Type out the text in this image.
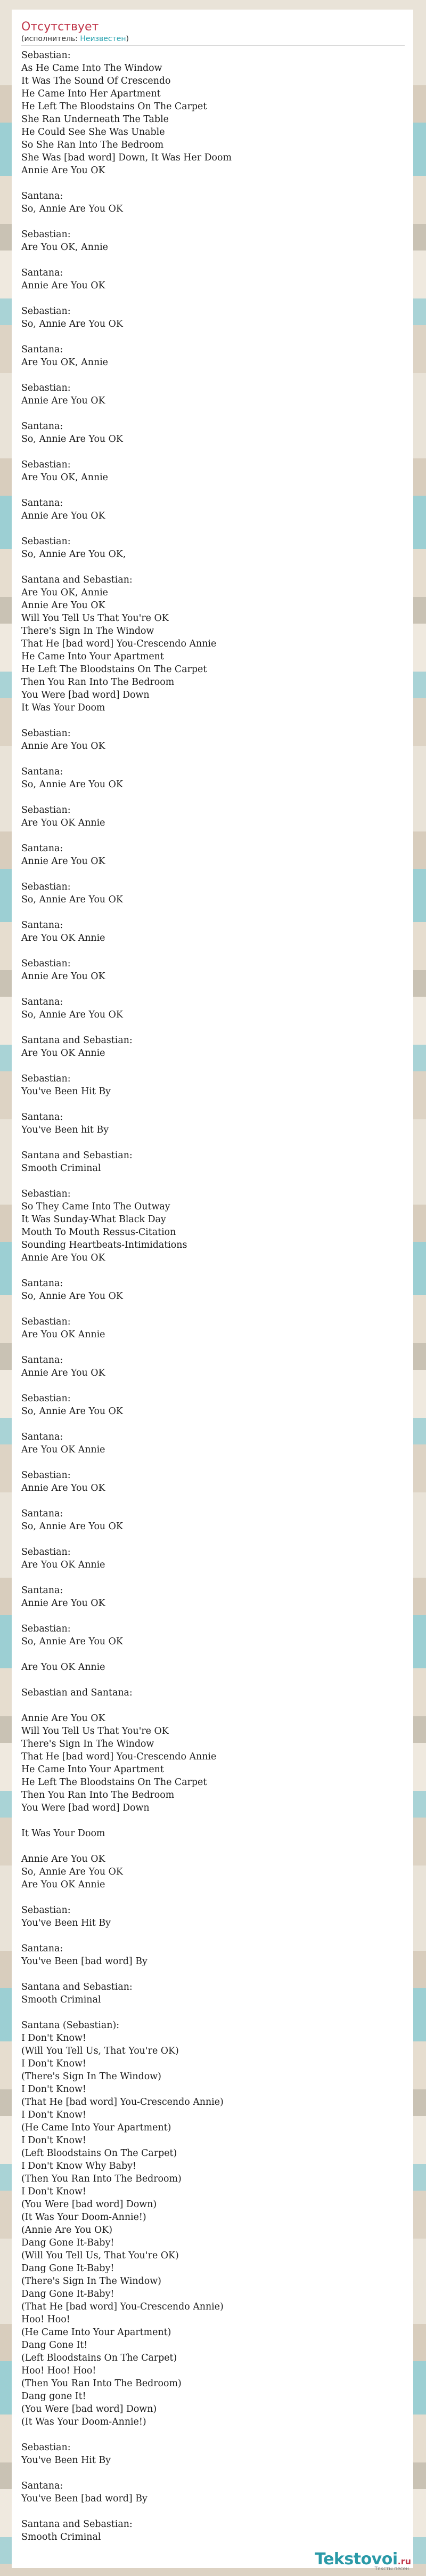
Отсутствует
(исполнитель: Неизвестен)
Sebastian:
As He Came Into The Window
It Was The Sound Of Crescendo
He Came Into Her Apartment
He Left The Bloodstains On The Carpet
She Ran Underneath The Table
He Could See She Was Unable
So She Ran Into The Bedroom
She Was [bad word] Down, It Was Her Doom
Annie Are You OK
Santana:
So, Annie Are You OK
Sebastian:
Are You OK, Annie
Santana:
Annie Are You OK
Sebastian:
So, Annie Are You OK
Santana:
Are You OK, Annie
Sebastian:
Annie Are You OK
Santana:
So, Annie Are You OK
Sebastian:
Are You OK, Annie
Santana:
Annie Are You OK
Sebastian:
So, Annie Are You OK,
Santana and Sebastian:
Are You OK, Annie
Annie Are You OK
Will You Tell Us That You're OK
There's Sign In The Window
That He [bad word] You-Crescendo Annie
He Came Into Your Apartment
He Left The Bloodstains On The Carpet
Then You Ran Into The Bedroom
You Were [bad word] Down
It Was Your Doom
Sebastian:
Annie Are You OK
Santana:
So, Annie Are You OK
Sebastian:
Are You OK Annie
Santana:
Annie Are You OK
Sebastian:
So, Annie Are You OK
Santana:
Are You OK Annie
Sebastian:
Annie Are You OK
Santana:
So, Annie Are You OK
Santana and Sebastian:
Are You OK Annie
Sebastian:
You've Been Hit By
Santana:
You've Been hit By
Santana and Sebastian:
Smooth Criminal
Sebastian:
So They Came Into The Outway
It Was Sunday-What Black Day
Mouth To Mouth Ressus-Citation
Sounding Heartbeats-Intimidations
Annie Are You OK
Santana:
So, Annie Are You OK
Sebastian:
Are You OK Annie
Santana:
Annie Are You OK
Sebastian:
So, Annie Are You OK
Santana:
Are You OK Annie
Sebastian:
Annie Are You OK
Santana:
So, Annie Are You OK
Sebastian:
Are You OK Annie
Santana:
Annie Are You OK
Sebastian:
So, Annie Are You OK
Are You OK Annie
Sebastian and Santana:
Annie Are You OK
Will You Tell Us That You're OK
There's Sign In The Window
That He [bad word] You-Crescendo Annie
He Came Into Your Apartment
He Left The Bloodstains On The Carpet
Then You Ran Into The Bedroom
You Were [bad word] Down
It Was Your Doom
Annie Are You OK
So, Annie Are You OK
Are You OK Annie
Sebastian:
You've Been Hit By
Santana:
You've Been [bad word] By
Santana and Sebastian:
Smooth Criminal
Santana (Sebastian):
I Don't Know!
(Will You Tell Us, That You're OK)
I Don't Know!
(There's Sign In The Window)
I Don't Know!
(That He [bad word] You-Crescendo Annie)
I Don't Know!
(He Came Into Your Apartment)
I Don't Know!
(Left Bloodstains On The Carpet)
I Don't Know Why Baby!
(Then You Ran Into The Bedroom)
I Don't Know!
(You Were [bad word] Down)
(It Was Your Doom-Annie!)
(Annie Are You OK)
Dang Gone It-Baby!
(Will You Tell Us, That You're OK)
Dang Gone It-Baby!
(There's Sign In The Window)
Dang Gone It-Baby!
(That He [bad word] You-Crescendo Annie)
Hoo! Hoo!
(He Came Into Your Apartment)
Dang Gone It!
(Left Bloodstains On The Carpet)
Hoo! Hoo! Hoo!
(Then You Ran Into The Bedroom)
Dang gone It!
(You Were [bad word] Down)
(It Was Your Doom-Annie!)
Sebastian:
You've Been Hit By
Santana:
You've Been [bad word] By
Santana and Sebastian:
Smooth Criminal
Tekstovoi.ru
Тексты песен
